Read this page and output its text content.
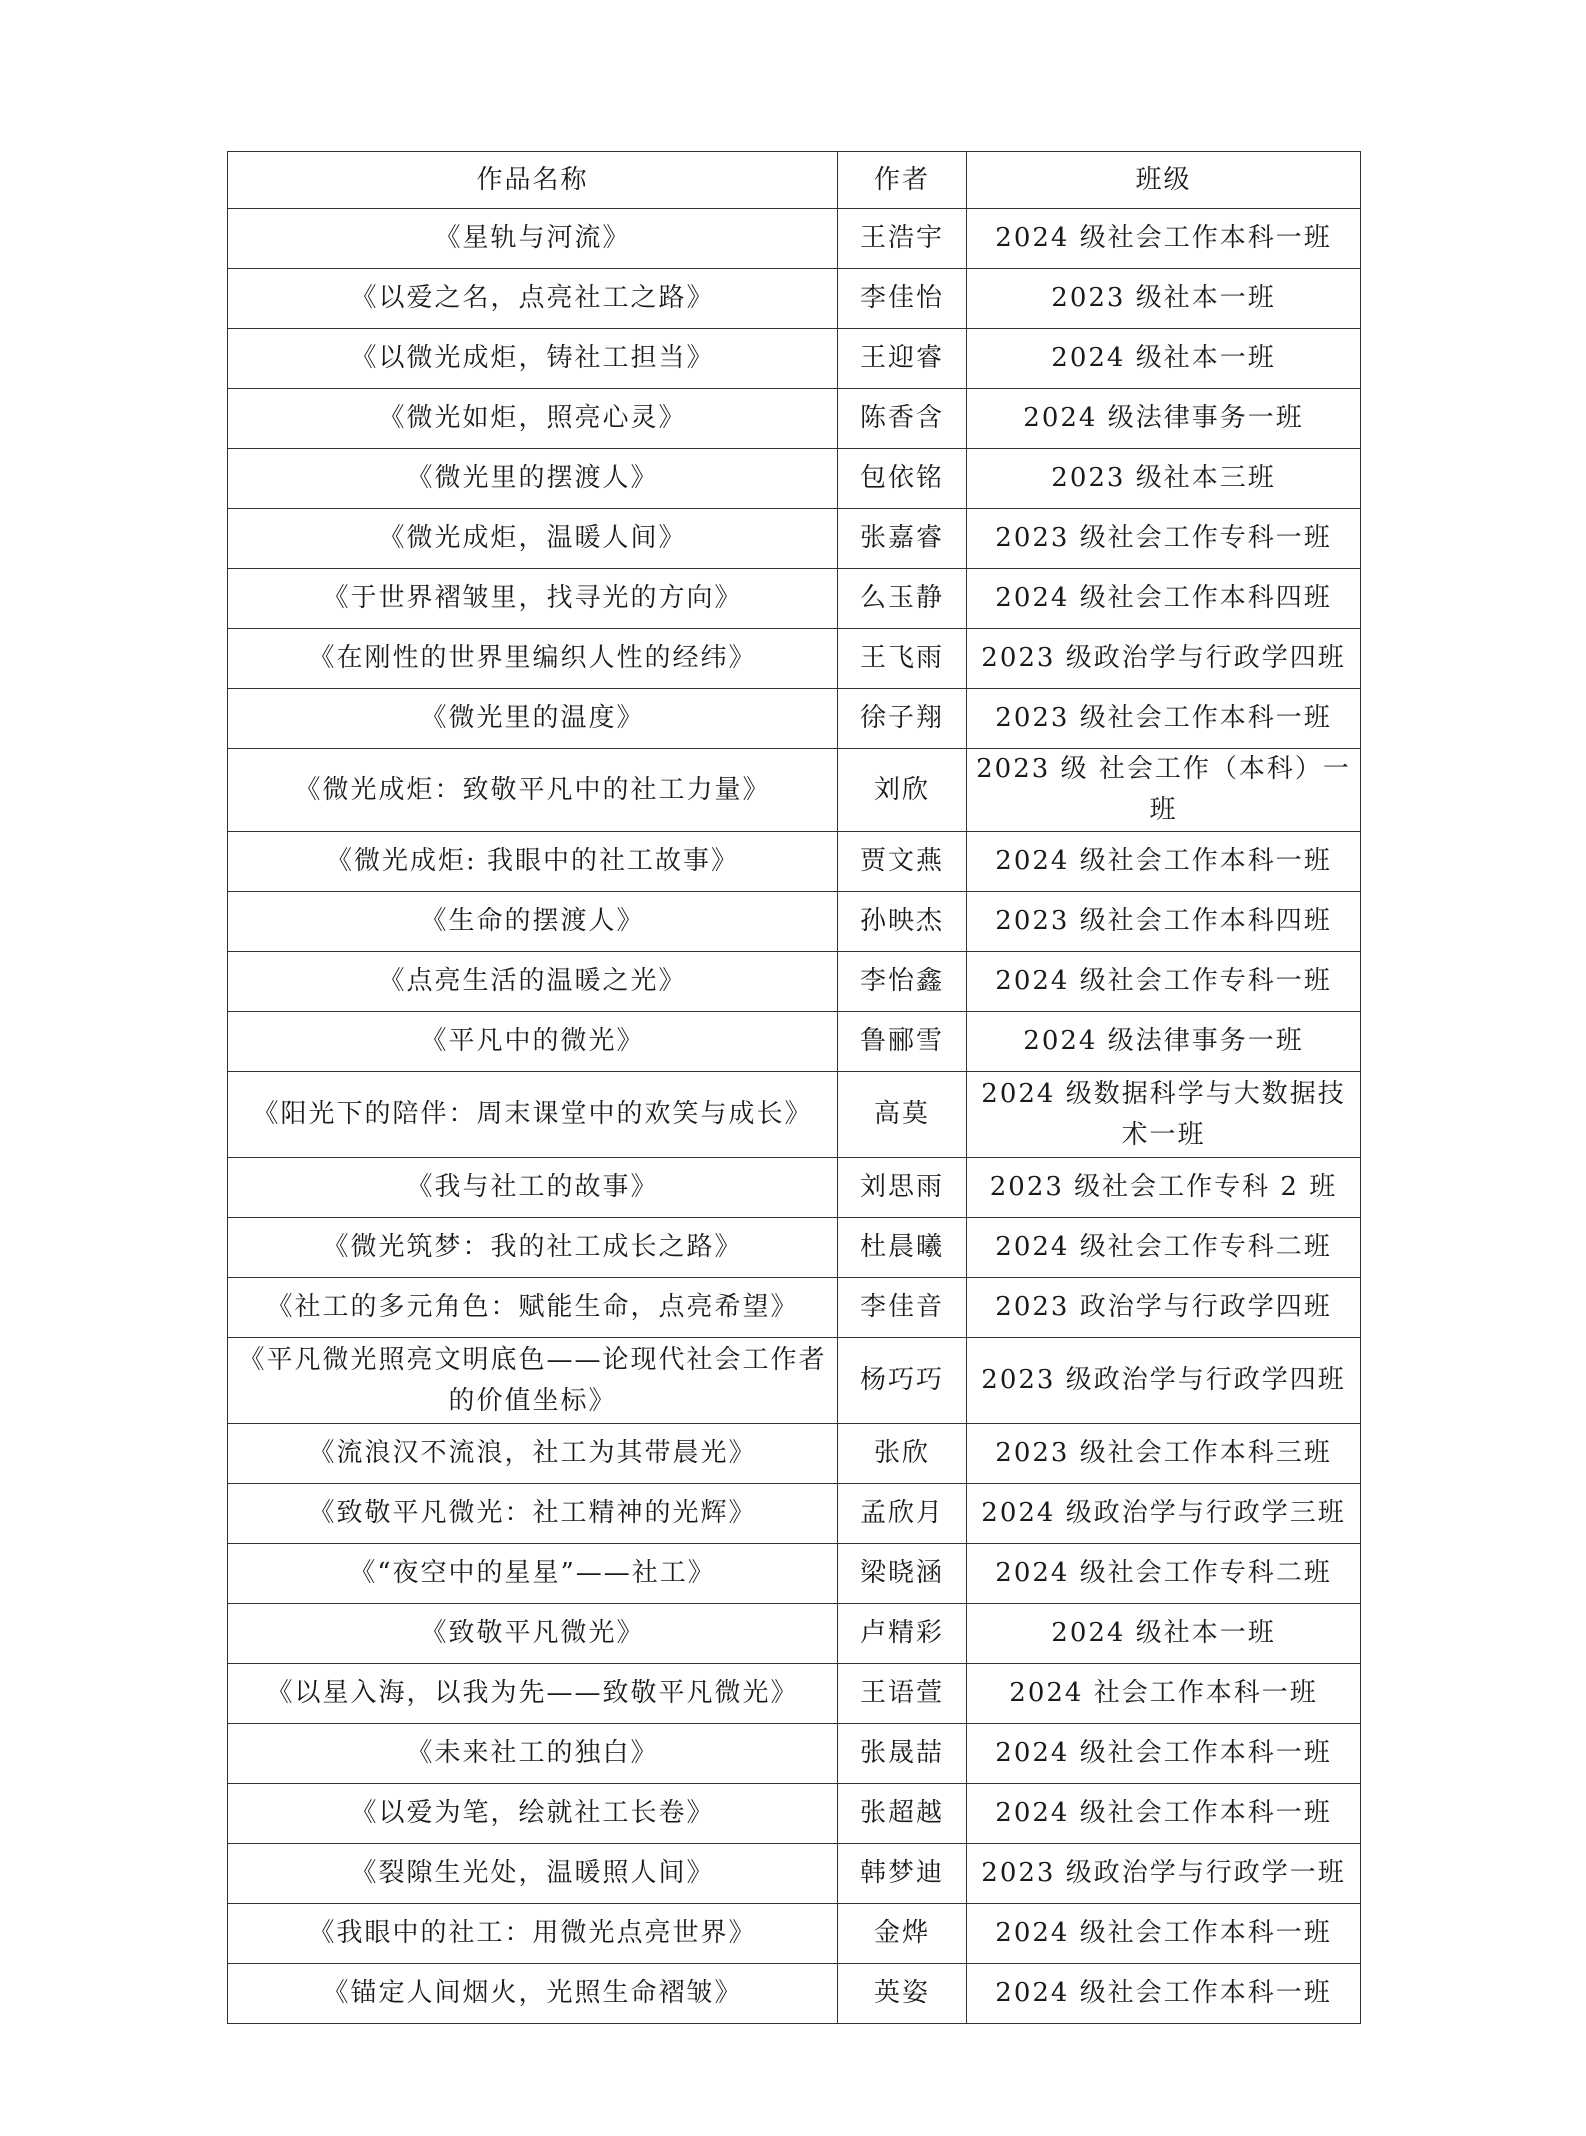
作品名称	作者	班级
《星轨与河流》	王浩宇	2024 级社会工作本科一班
《以爱之名，点亮社工之路》	李佳怡	2023 级社本一班
《以微光成炬，铸社工担当》	王迎睿	2024 级社本一班
《微光如炬，照亮心灵》	陈香含	2024 级法律事务一班
《微光里的摆渡人》	包依铭	2023 级社本三班
《微光成炬，温暖人间》	张嘉睿	2023 级社会工作专科一班
《于世界褶皱里，找寻光的方向》	么玉静	2024 级社会工作本科四班
《在刚性的世界里编织人性的经纬》	王飞雨	2023 级政治学与行政学四班
《微光里的温度》	徐子翔	2023 级社会工作本科一班
《微光成炬：致敬平凡中的社工力量》	刘欣	2023 级 社会工作（本科）一班
《微光成炬: 我眼中的社工故事》	贾文燕	2024 级社会工作本科一班
《生命的摆渡人》	孙映杰	2023 级社会工作本科四班
《点亮生活的温暖之光》	李怡鑫	2024 级社会工作专科一班
《平凡中的微光》	鲁郦雪	2024 级法律事务一班
《阳光下的陪伴：周末课堂中的欢笑与成长》	高莫	2024 级数据科学与大数据技术一班
《我与社工的故事》	刘思雨	2023 级社会工作专科 2 班
《微光筑梦：我的社工成长之路》	杜晨曦	2024 级社会工作专科二班
《社工的多元角色：赋能生命，点亮希望》	李佳音	2023 政治学与行政学四班
《平凡微光照亮文明底色——论现代社会工作者的价值坐标》	杨巧巧	2023 级政治学与行政学四班
《流浪汉不流浪，社工为其带晨光》	张欣	2023 级社会工作本科三班
《致敬平凡微光：社工精神的光辉》	孟欣月	2024 级政治学与行政学三班
《“夜空中的星星”——社工》	梁晓涵	2024 级社会工作专科二班
《致敬平凡微光》	卢精彩	2024 级社本一班
《以星入海，以我为先——致敬平凡微光》	王语萱	2024 社会工作本科一班
《未来社工的独白》	张晟喆	2024 级社会工作本科一班
《以爱为笔，绘就社工长卷》	张超越	2024 级社会工作本科一班
《裂隙生光处，温暖照人间》	韩梦迪	2023 级政治学与行政学一班
《我眼中的社工：用微光点亮世界》	金烨	2024 级社会工作本科一班
《锚定人间烟火，光照生命褶皱》	英姿	2024 级社会工作本科一班
